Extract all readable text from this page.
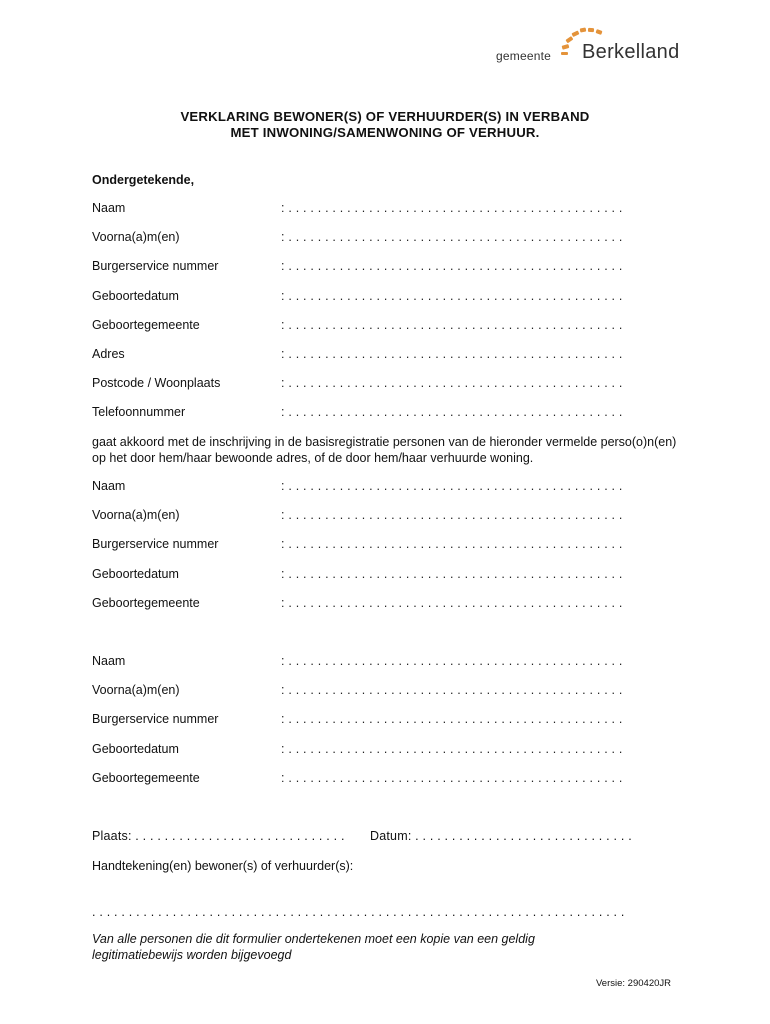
gemeente Berkelland
VERKLARING BEWONER(S) OF VERHUURDER(S) IN VERBAND
MET INWONING/SAMENWONING OF VERHUUR.
Ondergetekende,
Naam	: . . . . . . . . . . . . . . . . . . . . . . . . . . . . . . . . . . . . . . . . . . . . . .
Voorna(a)m(en)	: . . . . . . . . . . . . . . . . . . . . . . . . . . . . . . . . . . . . . . . . . . . . . .
Burgerservice nummer	: . . . . . . . . . . . . . . . . . . . . . . . . . . . . . . . . . . . . . . . . . . . . . .
Geboortedatum	: . . . . . . . . . . . . . . . . . . . . . . . . . . . . . . . . . . . . . . . . . . . . . .
Geboortegemeente	: . . . . . . . . . . . . . . . . . . . . . . . . . . . . . . . . . . . . . . . . . . . . . .
Adres	: . . . . . . . . . . . . . . . . . . . . . . . . . . . . . . . . . . . . . . . . . . . . . .
Postcode / Woonplaats	: . . . . . . . . . . . . . . . . . . . . . . . . . . . . . . . . . . . . . . . . . . . . . .
Telefoonnummer	: . . . . . . . . . . . . . . . . . . . . . . . . . . . . . . . . . . . . . . . . . . . . . .
gaat akkoord met de inschrijving in de basisregistratie personen van de hieronder vermelde perso(o)n(en) op het door hem/haar bewoonde adres, of de door hem/haar verhuurde woning.
Naam	: . . . . . . . . . . . . . . . . . . . . . . . . . . . . . . . . . . . . . . . . . . . . . .
Voorna(a)m(en)	: . . . . . . . . . . . . . . . . . . . . . . . . . . . . . . . . . . . . . . . . . . . . . .
Burgerservice nummer	: . . . . . . . . . . . . . . . . . . . . . . . . . . . . . . . . . . . . . . . . . . . . . .
Geboortedatum	: . . . . . . . . . . . . . . . . . . . . . . . . . . . . . . . . . . . . . . . . . . . . . .
Geboortegemeente	: . . . . . . . . . . . . . . . . . . . . . . . . . . . . . . . . . . . . . . . . . . . . . .
Naam	: . . . . . . . . . . . . . . . . . . . . . . . . . . . . . . . . . . . . . . . . . . . . . .
Voorna(a)m(en)	: . . . . . . . . . . . . . . . . . . . . . . . . . . . . . . . . . . . . . . . . . . . . . .
Burgerservice nummer	: . . . . . . . . . . . . . . . . . . . . . . . . . . . . . . . . . . . . . . . . . . . . . .
Geboortedatum	: . . . . . . . . . . . . . . . . . . . . . . . . . . . . . . . . . . . . . . . . . . . . . .
Geboortegemeente	: . . . . . . . . . . . . . . . . . . . . . . . . . . . . . . . . . . . . . . . . . . . . . .
Plaats: . . . . . . . . . . . . . . . . . . . . . . . . . . . . . Datum: . . . . . . . . . . . . . . . . . . . . . . . . . . . . . .
Handtekening(en) bewoner(s) of verhuurder(s):
. . . . . . . . . . . . . . . . . . . . . . . . . . . . . . . . . . . . . . . . . . . . . . . . . . . . . . . . . . . . . . . . . . . . . . . . .
Van alle personen die dit formulier ondertekenen moet een kopie van een geldig legitimatiebewijs worden bijgevoegd
Versie: 290420JR
